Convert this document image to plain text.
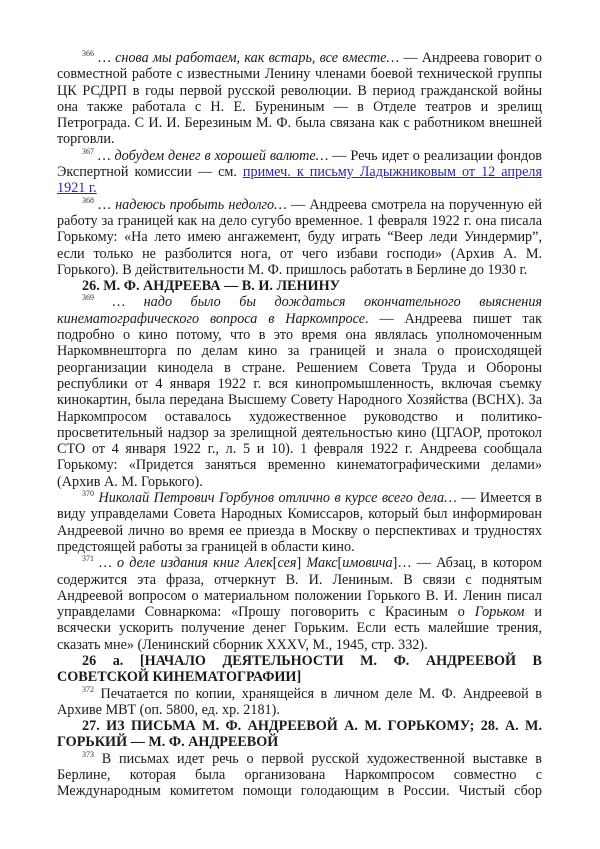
$^{366}$ … снова мы работаем, как встарь, все вместе… — Андреева говорит о совместной работе с известными Ленину членами боевой технической группы ЦК РСДРП в годы первой русской революции. В период гражданской войны она также работала с Н. Е. Бурениным — в Отделе театров и зрелищ Петрограда. С И. И. Березиным М. Ф. была связана как с работником внешней торговли.

$^{367}$ … добудем денег в хорошей валюте… — Речь идет о реализации фондов Экспертной комиссии — см. примеч. к письму Ладыжниковым от 12 апреля 1921 г.

$^{368}$ … надеюсь пробыть недолго… — Андреева смотрела на порученную ей работу за границей как на дело сугубо временное. 1 февраля 1922 г. она писала Горькому: «На лето имею ангажемент, буду играть “Веер леди Уиндермир”, если только не разболится нога, от чего избави господи» (Архив А. М. Горького). В действительности М. Ф. пришлось работать в Берлине до 1930 г.

26. М. Ф. АНДРЕЕВА — В. И. ЛЕНИНУ

$^{369}$ … надо было бы дождаться окончательного выяснения кинематографического вопроса в Наркомпросе. — Андреева пишет так подробно о кино потому, что в это время она являлась уполномоченным Наркомвнешторга по делам кино за границей и знала о происходящей реорганизации кинодела в стране. Решением Совета Труда и Обороны республики от 4 января 1922 г. вся кинопромышленность, включая съемку кинокартин, была передана Высшему Совету Народного Хозяйства (ВСНХ). За Наркомпросом оставалось художественное руководство и политико-просветительный надзор за зрелищной деятельностью кино (ЦГАОР, протокол СТО от 4 января 1922 г., л. 5 и 10). 1 февраля 1922 г. Андреева сообщала Горькому: «Придется заняться временно кинематографическими делами» (Архив А. М. Горького).

$^{370}$ Николай Петрович Горбунов отлично в курсе всего дела… — Имеется в виду управделами Совета Народных Комиссаров, который был информирован Андреевой лично во время ее приезда в Москву о перспективах и трудностях предстоящей работы за границей в области кино.

$^{371}$ … о деле издания книг Алек[сея] Макс[имовича]… — Абзац, в котором содержится эта фраза, отчеркнут В. И. Лениным. В связи с поднятым Андреевой вопросом о материальном положении Горького В. И. Ленин писал управделами Совнаркома: «Прошу поговорить с Красиным о Горьком и всячески ускорить получение денег Горьким. Если есть малейшие трения, сказать мне» (Ленинский сборник XXXV, М., 1945, стр. 332).

26 а. [НАЧАЛО ДЕЯТЕЛЬНОСТИ М. Ф. АНДРЕЕВОЙ В СОВЕТСКОЙ КИНЕМАТОГРАФИИ]

$^{372}$ Печатается по копии, хранящейся в личном деле М. Ф. Андреевой в Архиве МВТ (оп. 5800, ед. хр. 2181).

27. ИЗ ПИСЬМА М. Ф. АНДРЕЕВОЙ А. М. ГОРЬКОМУ; 28. А. М. ГОРЬКИЙ — М. Ф. АНДРЕЕВОЙ

$^{373}$ В письмах идет речь о первой русской художественной выставке в Берлине, которая была организована Наркомпросом совместно с Международным комитетом помощи голодающим в России. Чистый сбор
